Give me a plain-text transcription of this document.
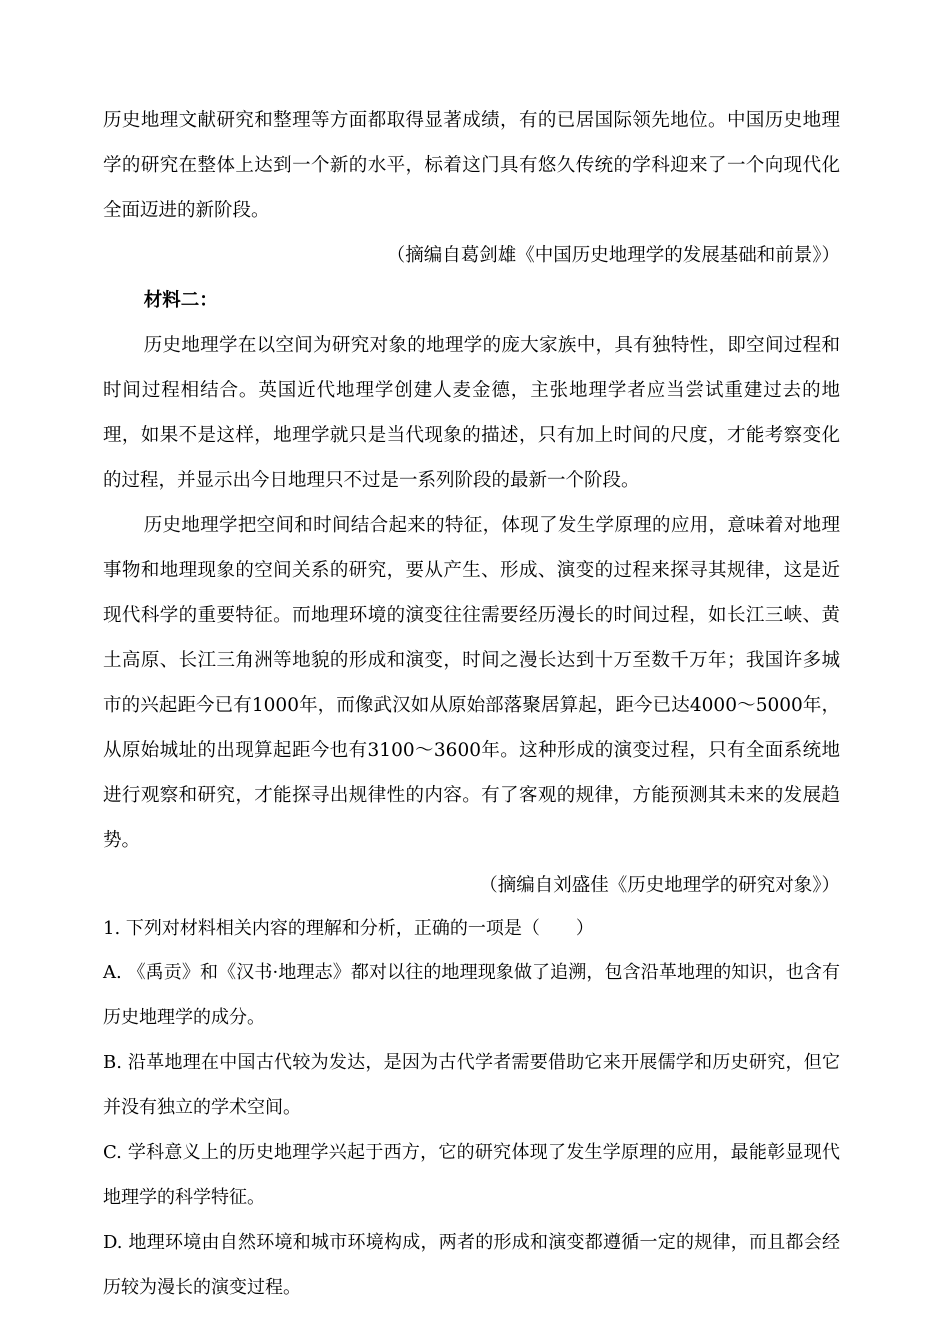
历史地理文献研究和整理等方面都取得显著成绩，有的已居国际领先地位。中国历史地理学的研究在整体上达到一个新的水平，标着这门具有悠久传统的学科迎来了一个向现代化全面迈进的新阶段。

（摘编自葛剑雄《中国历史地理学的发展基础和前景》）

材料二：

历史地理学在以空间为研究对象的地理学的庞大家族中，具有独特性，即空间过程和时间过程相结合。英国近代地理学创建人麦金德，主张地理学者应当尝试重建过去的地理，如果不是这样，地理学就只是当代现象的描述，只有加上时间的尺度，才能考察变化的过程，并显示出今日地理只不过是一系列阶段的最新一个阶段。

历史地理学把空间和时间结合起来的特征，体现了发生学原理的应用，意味着对地理事物和地理现象的空间关系的研究，要从产生、形成、演变的过程来探寻其规律，这是近现代科学的重要特征。而地理环境的演变往往需要经历漫长的时间过程，如长江三峡、黄土高原、长江三角洲等地貌的形成和演变，时间之漫长达到十万至数千万年；我国许多城市的兴起距今已有1000年，而像武汉如从原始部落聚居算起，距今已达4000～5000年，从原始城址的出现算起距今也有3100～3600年。这种形成的演变过程，只有全面系统地进行观察和研究，才能探寻出规律性的内容。有了客观的规律，方能预测其未来的发展趋势。

（摘编自刘盛佳《历史地理学的研究对象》）

1. 下列对材料相关内容的理解和分析，正确的一项是（　　）

A. 《禹贡》和《汉书·地理志》都对以往的地理现象做了追溯，包含沿革地理的知识，也含有历史地理学的成分。

B. 沿革地理在中国古代较为发达，是因为古代学者需要借助它来开展儒学和历史研究，但它并没有独立的学术空间。

C. 学科意义上的历史地理学兴起于西方，它的研究体现了发生学原理的应用，最能彰显现代地理学的科学特征。

D. 地理环境由自然环境和城市环境构成，两者的形成和演变都遵循一定的规律，而且都会经历较为漫长的演变过程。
